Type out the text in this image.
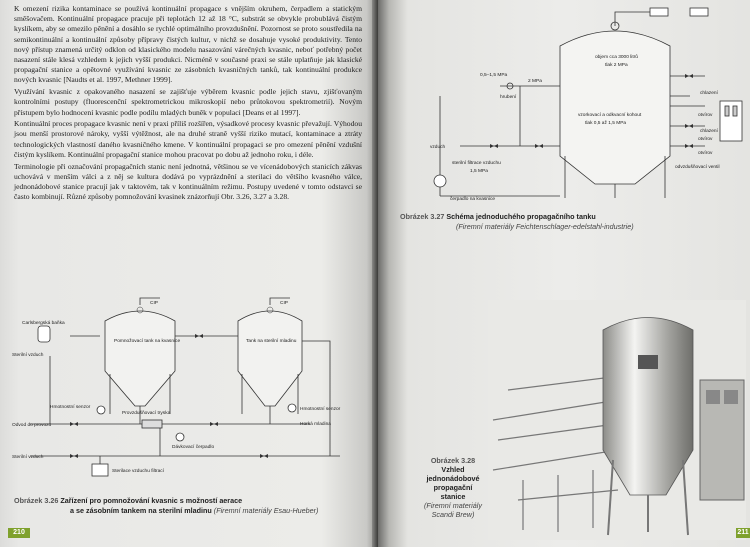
K omezení rizika kontaminace se používá kontinuální propagace s vnějším okruhem, čerpadlem a statickým směšovačem. Kontinuální propagace pracuje při teplotách 12 až 18 °C, substrát se obvykle probublává čistým kyslíkem, aby se omezilo pěnění a dosáhlo se rychlé optimálního provzdušnění. Pozornost se proto soustředila na semikontinuální a kontinuální způsoby přípravy čistých kultur, v nichž se dosahuje vysoké produktivity. Tento nový přístup znamená určitý odklon od klasického modelu nasazování várečných kvasnic, neboť potřebný počet nasazení stále klesá vzhledem k jejich vyšší produkci. Nicméně v současné praxi se stále uplatňuje jak klasické propagační stanice a opětovné využívání kvasnic ze zásobních kvasničných tanků, tak kontinuální produkce nových kvasnic [Naudts et al. 1997, Methner 1999].

Využívání kvasnic z opakovaného nasazení se zajišťuje výběrem kvasnic podle jejich stavu, zjišťovaným kontrolními postupy (fluorescenční spektrometrickou mikroskopií nebo průtokovou spektrometrií). Novým přístupem bylo hodnocení kvasnic podle podílu mladých buněk v populaci [Deans et al 1997].

Kontinuální proces propagace kvasnic není v praxi příliš rozšířen, výsadkové procesy kvasnic převažují. Výhodou jsou menší prostorové nároky, vyšší výtěžnost, ale na druhé straně vyšší riziko mutací, kontaminace a ztráty technologických vlastností daného kvasničného kmene. V kontinuální propagaci se pro omezení pěnění vzdušní čistým kyslíkem. Kontinuální propagační stanice mohou pracovat po dobu až jednoho roku, i déle.

Terminologie při označování propagačních stanic není jednotná, většinou se ve vícenádobových stanicích zákvas uchovává v menším válci a z něj se kultura dodává po vyprázdnění a sterilaci do většího kvasného válce, jednonádobové stanice pracují jak v taktovém, tak v kontinuálním režimu. Postupy uvedené v tomto odstavci se často kombinují. Různé způsoby pomnožování kvasinek znázorňují Obr. 3.26, 3.27 a 3.28.

CIP	CIP
Carlsbergská baňka
Sterilní vzduch
Pomnožovací tank na kvasnice	Tank na sterilní mladinu
Hmotnostní senzor
Odvod do provozu
Sterilní vzduch
Provzdušňovací tryska
Dávkovací čerpadlo
Horká mladina
Sterilace vzduchu filtrací
Hmotnostní senzor
Obrázek 3.26 Zařízení pro pomnožování kvasnic s možností aerace
a se zásobním tankem na sterilní mladinu (Firemní materiály Esau-Hueber)
210
objem cca 3000 litrů
tlak 2 MPa
0,5–1,5 MPa
2 MPa
hrubení
vzorkovací a odkvacní kohout
tlak 0,5 až 1,5 MPa
vzduch
sterilní filtrace vzduchu
1,5 MPa
chlazení
chlazení
otvírov
otvírov
otvírov
odvzdušňovací ventil
čerpadlo na kvasnice
Obrázek 3.27 Schéma jednoduchého propagačního tanku
(Firemní materiály Feichtenschlager-edelstahl-industrie)
Obrázek 3.28
Vzhled
jednonádobové
propagační
stanice
(Firemní materiály
Scandi Brew)
211
